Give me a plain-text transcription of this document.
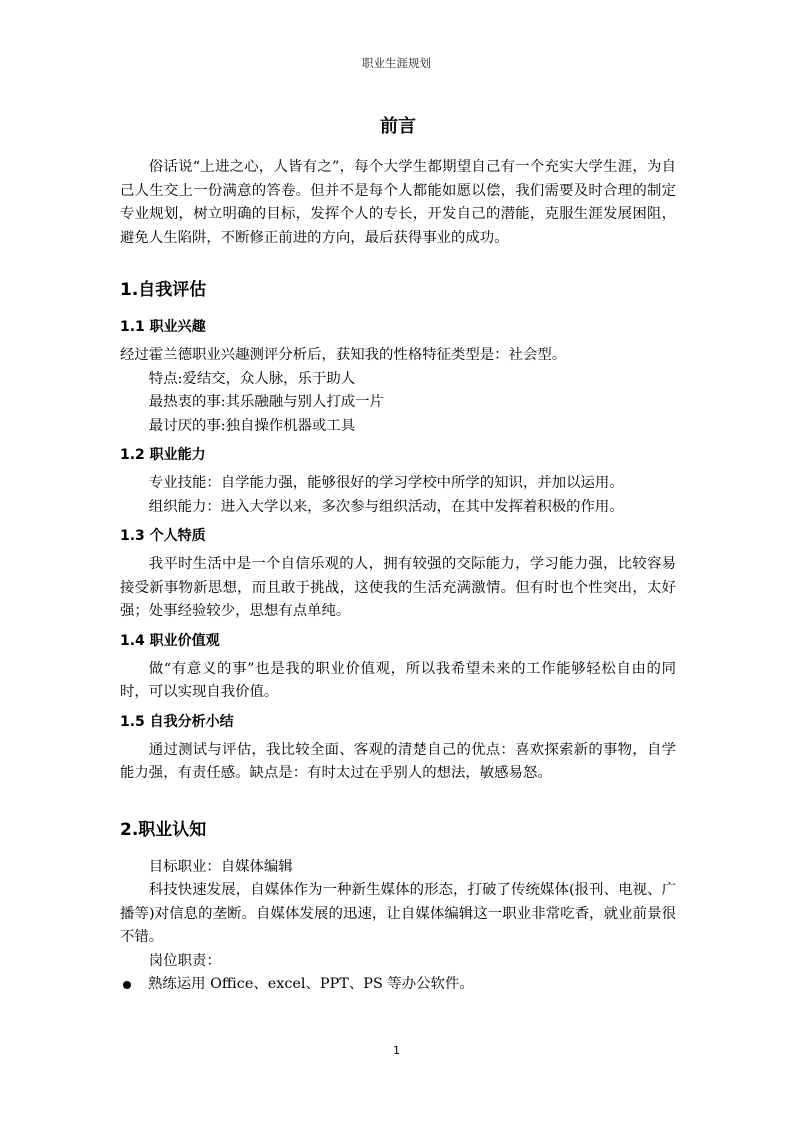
职业生涯规划
前言

俗话说“上进之心，人皆有之”，每个大学生都期望自己有一个充实大学生涯，为自己人生交上一份满意的答卷。但并不是每个人都能如愿以偿，我们需要及时合理的制定专业规划，树立明确的目标，发挥个人的专长，开发自己的潜能，克服生涯发展困阻，避免人生陷阱，不断修正前进的方向，最后获得事业的成功。

1.自我评估
1.1 职业兴趣

经过霍兰德职业兴趣测评分析后，获知我的性格特征类型是：社会型。

特点:爱结交，众人脉，乐于助人

最热衷的事:其乐融融与别人打成一片

最讨厌的事:独自操作机器或工具

1.2 职业能力

专业技能：自学能力强，能够很好的学习学校中所学的知识，并加以运用。

组织能力：进入大学以来，多次参与组织活动，在其中发挥着积极的作用。

1.3 个人特质

我平时生活中是一个自信乐观的人，拥有较强的交际能力，学习能力强，比较容易接受新事物新思想，而且敢于挑战，这使我的生活充满激情。但有时也个性突出，太好强；处事经验较少，思想有点单纯。

1.4 职业价值观

做“有意义的事”也是我的职业价值观，所以我希望未来的工作能够轻松自由的同时，可以实现自我价值。

1.5 自我分析小结

通过测试与评估，我比较全面、客观的清楚自己的优点：喜欢探索新的事物，自学能力强，有责任感。缺点是：有时太过在乎别人的想法，敏感易怒。

2.职业认知

目标职业：自媒体编辑

科技快速发展，自媒体作为一种新生媒体的形态，打破了传统媒体(报刊、电视、广播等)对信息的垄断。自媒体发展的迅速，让自媒体编辑这一职业非常吃香，就业前景很不错。

岗位职责：

熟练运用 Office、excel、PPT、PS 等办公软件。
1
